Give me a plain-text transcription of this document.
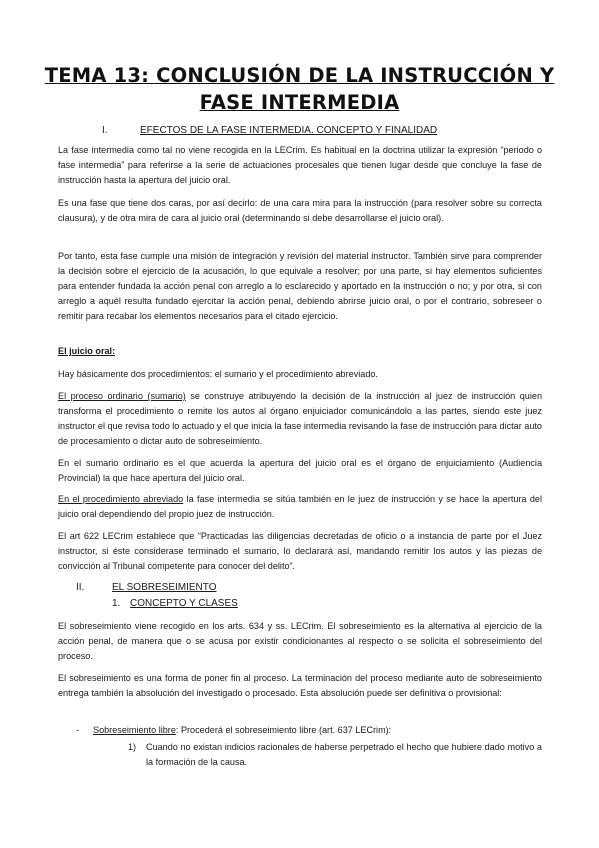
TEMA 13: CONCLUSIÓN DE LA INSTRUCCIÓN Y FASE INTERMEDIA
I.	EFECTOS DE LA FASE INTERMEDIA. CONCEPTO Y FINALIDAD

La fase intermedia como tal no viene recogida en la LECrim. Es habitual en la doctrina utilizar la expresión “periodo o fase intermedia” para referirse a la serie de actuaciones procesales que tienen lugar desde que concluye la fase de instrucción hasta la apertura del juicio oral.

Es una fase que tiene dos caras, por así decirlo: de una cara mira para la instrucción (para resolver sobre su correcta clausura), y de otra mira de cara al juicio oral (determinando si debe desarrollarse el juicio oral).

Por tanto, esta fase cumple una misión de integración y revisión del material instructor. También sirve para comprender la decisión sobre el ejercicio de la acusación, lo que equivale a resolver; por una parte, si hay elementos suficientes para entender fundada la acción penal con arreglo a lo esclarecido y aportado en la instrucción o no; y por otra, si con arreglo a aquél resulta fundado ejercitar la acción penal, debiendo abrirse juicio oral, o por el contrario, sobreseer o remitir para recabar los elementos necesarios para el citado ejercicio.

El juicio oral:

Hay básicamente dos procedimientos: el sumario y el procedimiento abreviado.

El proceso ordinario (sumario) se construye atribuyendo la decisión de la instrucción al juez de instrucción quien transforma el procedimiento o remite los autos al órgano enjuiciador comunicándolo a las partes, siendo este juez instructor el que revisa todo lo actuado y el que inicia la fase intermedia revisando la fase de instrucción para dictar auto de procesamiento o dictar auto de sobreseimiento.

En el sumario ordinario es el que acuerda la apertura del juicio oral es el órgano de enjuiciamiento (Audiencia Provincial) la que hace apertura del juicio oral.

En el procedimiento abreviado la fase intermedia se sitúa también en le juez de instrucción y se hace la apertura del juicio oral dependiendo del propio juez de instrucción.

El art 622 LECrim establece que “Practicadas las diligencias decretadas de oficio o a instancia de parte por el Juez instructor, si éste considerase terminado el sumario, lo declarará así, mandando remitir los autos y las piezas de convicción al Tribunal competente para conocer del delito”.

II.	EL SOBRESEIMIENTO
1. CONCEPTO Y CLASES

El sobreseimiento viene recogido en los arts. 634 y ss. LECrim. El sobreseimiento es la alternativa al ejercicio de la acción penal, de manera que o se acusa por existir condicionantes al respecto o se solicita el sobreseimiento del proceso.

El sobreseimiento es una forma de poner fin al proceso. La terminación del proceso mediante auto de sobreseimiento entrega también la absolución del investigado o procesado. Esta absolución puede ser definitiva o provisional:

- Sobreseimiento libre: Procederá el sobreseimiento libre (art. 637 LECrim):
1) Cuando no existan indicios racionales de haberse perpetrado el hecho que hubiere dado motivo a la formación de la causa.
